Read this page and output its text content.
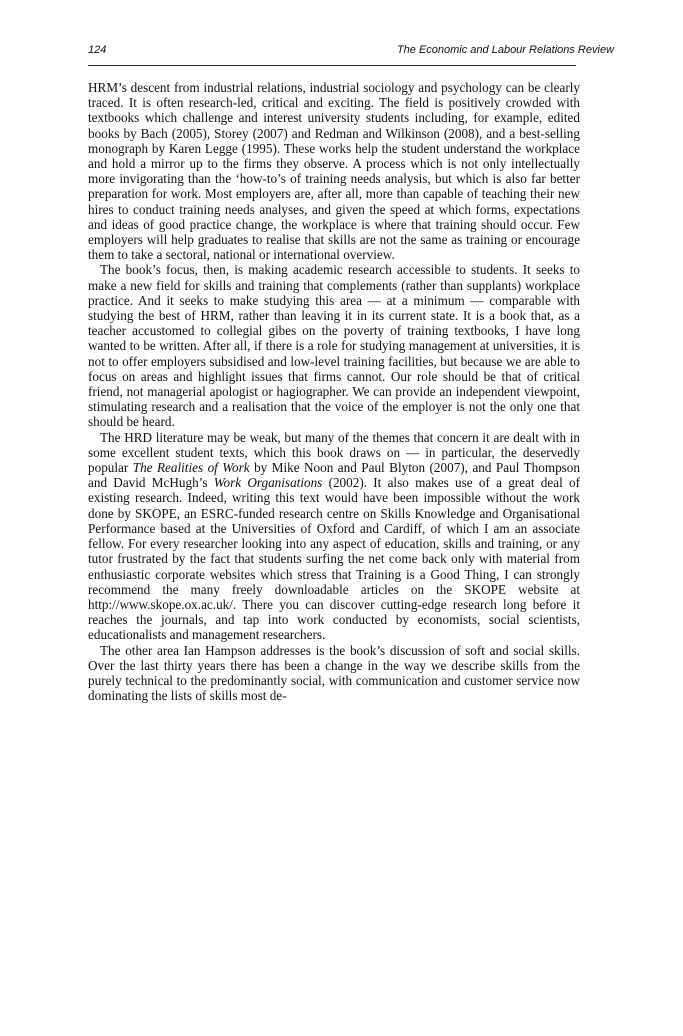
124	The Economic and Labour Relations Review

HRM’s descent from industrial relations, industrial sociology and psychology can be clearly traced. It is often research-led, critical and exciting. The field is positively crowded with textbooks which challenge and interest university students including, for example, edited books by Bach (2005), Storey (2007) and Redman and Wilkinson (2008), and a best-selling monograph by Karen Legge (1995). These works help the student understand the workplace and hold a mirror up to the firms they observe. A process which is not only intellectually more invigorating than the ‘how-to’s of training needs analysis, but which is also far better preparation for work. Most employers are, after all, more than capable of teaching their new hires to conduct training needs analyses, and given the speed at which forms, expectations and ideas of good practice change, the workplace is where that training should occur. Few employers will help graduates to realise that skills are not the same as training or encourage them to take a sectoral, national or international overview.

The book’s focus, then, is making academic research accessible to students. It seeks to make a new field for skills and training that complements (rather than supplants) workplace practice. And it seeks to make studying this area — at a minimum — comparable with studying the best of HRM, rather than leaving it in its current state. It is a book that, as a teacher accustomed to collegial gibes on the poverty of training textbooks, I have long wanted to be written. After all, if there is a role for studying management at universities, it is not to offer employers subsidised and low-level training facilities, but because we are able to focus on areas and highlight issues that firms cannot. Our role should be that of critical friend, not managerial apologist or hagiographer. We can provide an independent viewpoint, stimulating research and a realisation that the voice of the employer is not the only one that should be heard.

The HRD literature may be weak, but many of the themes that concern it are dealt with in some excellent student texts, which this book draws on — in particular, the deservedly popular The Realities of Work by Mike Noon and Paul Blyton (2007), and Paul Thompson and David McHugh’s Work Organisations (2002). It also makes use of a great deal of existing research. Indeed, writing this text would have been impossible without the work done by SKOPE, an ESRC-funded research centre on Skills Knowledge and Organisational Performance based at the Universities of Oxford and Cardiff, of which I am an associate fellow. For every researcher looking into any aspect of education, skills and training, or any tutor frustrated by the fact that students surfing the net come back only with material from enthusiastic corporate websites which stress that Training is a Good Thing, I can strongly recommend the many freely downloadable articles on the SKOPE website at http://www.skope.ox.ac.uk/. There you can discover cutting-edge research long before it reaches the journals, and tap into work conducted by economists, social scientists, educationalists and management researchers.

The other area Ian Hampson addresses is the book’s discussion of soft and social skills. Over the last thirty years there has been a change in the way we describe skills from the purely technical to the predominantly social, with communication and customer service now dominating the lists of skills most de-
